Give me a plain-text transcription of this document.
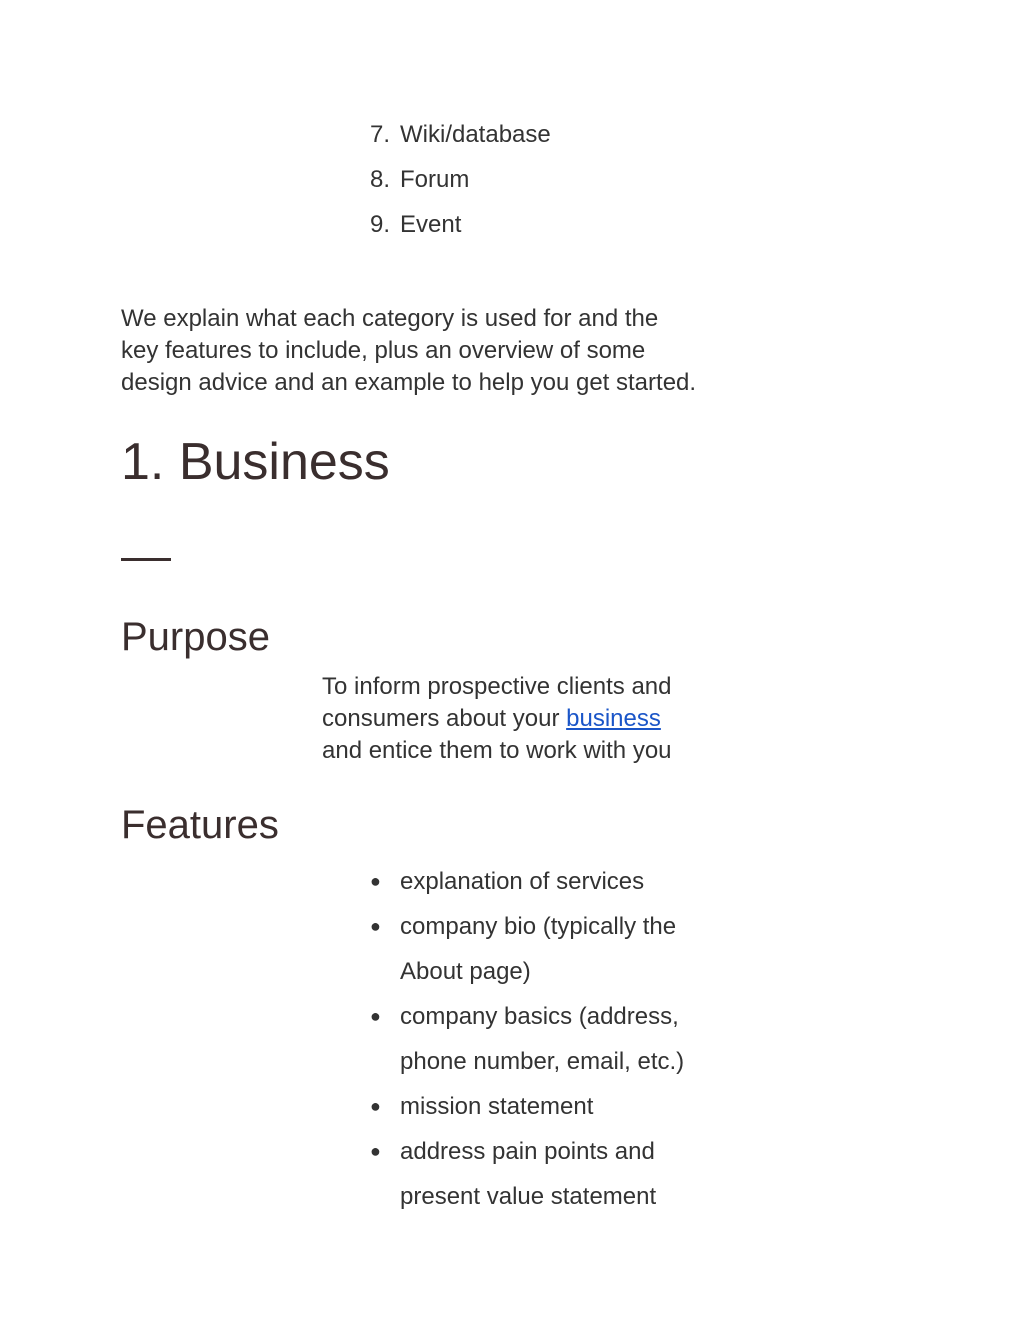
7. Wiki/database
8. Forum
9. Event
We explain what each category is used for and the
key features to include, plus an overview of some
design advice and an example to help you get started.
1. Business
Purpose
To inform prospective clients and
consumers about your business
and entice them to work with you
Features
● explanation of services
● company bio (typically the
About page)
● company basics (address,
phone number, email, etc.)
● mission statement
● address pain points and
present value statement
